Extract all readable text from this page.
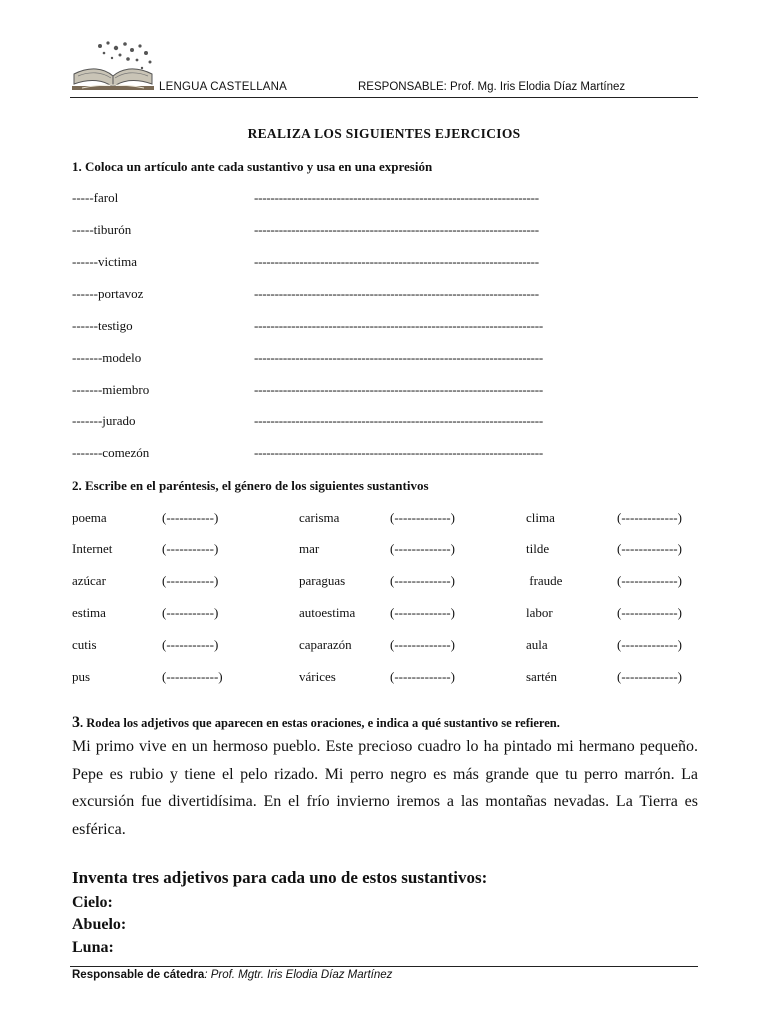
LENGUA CASTELLANA	RESPONSABLE: Prof. Mg. Iris Elodia Díaz Martínez
REALIZA LOS SIGUIENTES EJERCICIOS
1. Coloca un artículo ante cada sustantivo y usa en una expresión
-----farol	---------------------------------------------------------------------
-----tiburón	---------------------------------------------------------------------
------victima	---------------------------------------------------------------------
------portavoz	---------------------------------------------------------------------
------testigo	----------------------------------------------------------------------
-------modelo	----------------------------------------------------------------------
-------miembro	----------------------------------------------------------------------
-------jurado	----------------------------------------------------------------------
-------comezón	----------------------------------------------------------------------
2. Escribe en el paréntesis, el género de los siguientes sustantivos
poema	(-----------)	carisma	(-------------)	clima	(-------------)
Internet	(-----------)	mar	(-------------)	tilde	(-------------)
azúcar	(-----------)	paraguas	(-------------)	fraude	(-------------)
estima	(-----------)	autoestima	(-------------)	labor	(-------------)
cutis	(-----------)	caparazón	(-------------)	aula	(-------------)
pus	(------------)	várices	(-------------)	sartén	(-------------)
3. Rodea los adjetivos que aparecen en estas oraciones, e indica a qué sustantivo se refieren.
Mi primo vive en un hermoso pueblo. Este precioso cuadro lo ha pintado mi hermano pequeño. Pepe es rubio y tiene el pelo rizado. Mi perro negro es más grande que tu perro marrón. La excursión fue divertidísima. En el frío invierno iremos a las montañas nevadas. La Tierra es esférica.
Inventa tres adjetivos para cada uno de estos sustantivos:
Cielo:
Abuelo:
Luna:
Responsable de cátedra: Prof. Mgtr. Iris Elodia Díaz Martínez
